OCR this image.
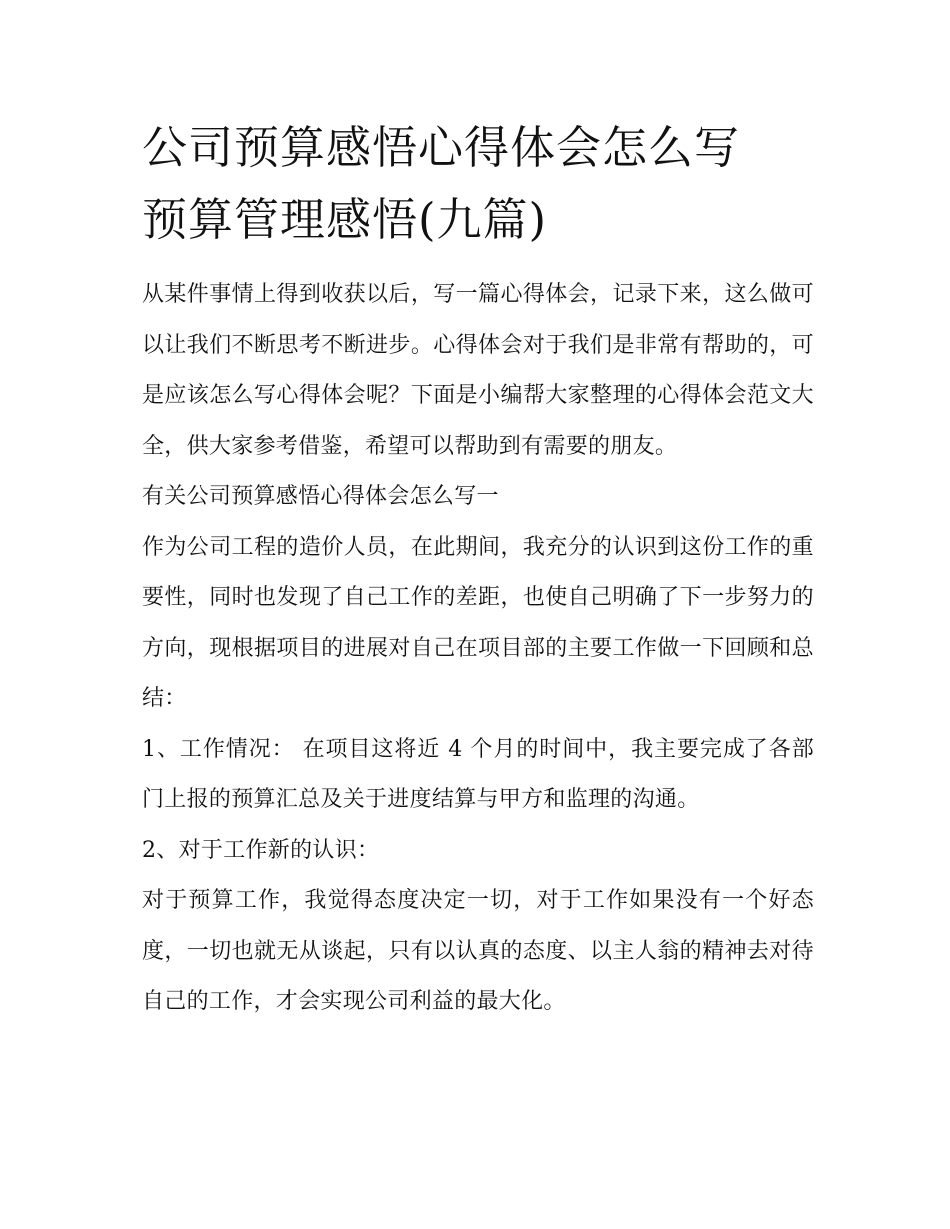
公司预算感悟心得体会怎么写
预算管理感悟(九篇)

从某件事情上得到收获以后，写一篇心得体会，记录下来，这么做可以让我们不断思考不断进步。心得体会对于我们是非常有帮助的，可是应该怎么写心得体会呢？下面是小编帮大家整理的心得体会范文大全，供大家参考借鉴，希望可以帮助到有需要的朋友。

有关公司预算感悟心得体会怎么写一

作为公司工程的造价人员，在此期间，我充分的认识到这份工作的重要性，同时也发现了自己工作的差距，也使自己明确了下一步努力的方向，现根据项目的进展对自己在项目部的主要工作做一下回顾和总结：

1、工作情况： 在项目这将近 4 个月的时间中，我主要完成了各部门上报的预算汇总及关于进度结算与甲方和监理的沟通。

2、对于工作新的认识：

对于预算工作，我觉得态度决定一切，对于工作如果没有一个好态度，一切也就无从谈起，只有以认真的态度、以主人翁的精神去对待自己的工作，才会实现公司利益的最大化。
